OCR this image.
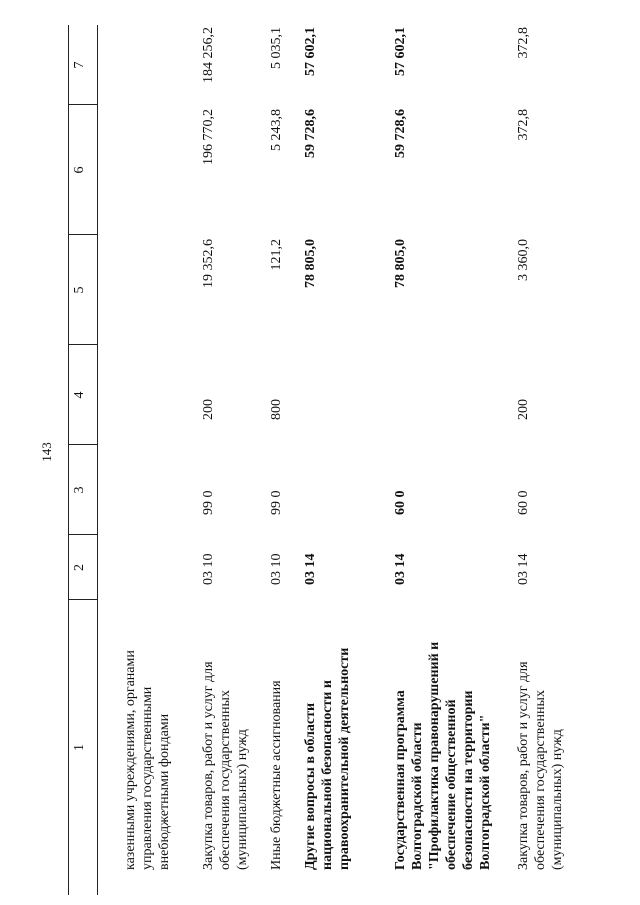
143
1
2
3
4
5
6
7
казенными учреждениями, органами управления государственными внебюджетными фондами Закупка товаров, работ и услуг для обеспечения государственных (муниципальных) нужд
03 10
99 0
200
19 352,6
196 770,2
184 256,2
Иные бюджетные ассигнования
03 10
99 0
800
121,2
5 243,8
5 035,1
Другие вопросы в области национальной безопасности и правоохранительной деятельности
03 14
78 805,0
59 728,6
57 602,1
Государственная программа Волгоградской области "Профилактика правонарушений и обеспечение общественной безопасности на территории Волгоградской области"
03 14
60 0
78 805,0
59 728,6
57 602,1
Закупка товаров, работ и услуг для обеспечения государственных (муниципальных) нужд
03 14
60 0
200
3 360,0
372,8
372,8
